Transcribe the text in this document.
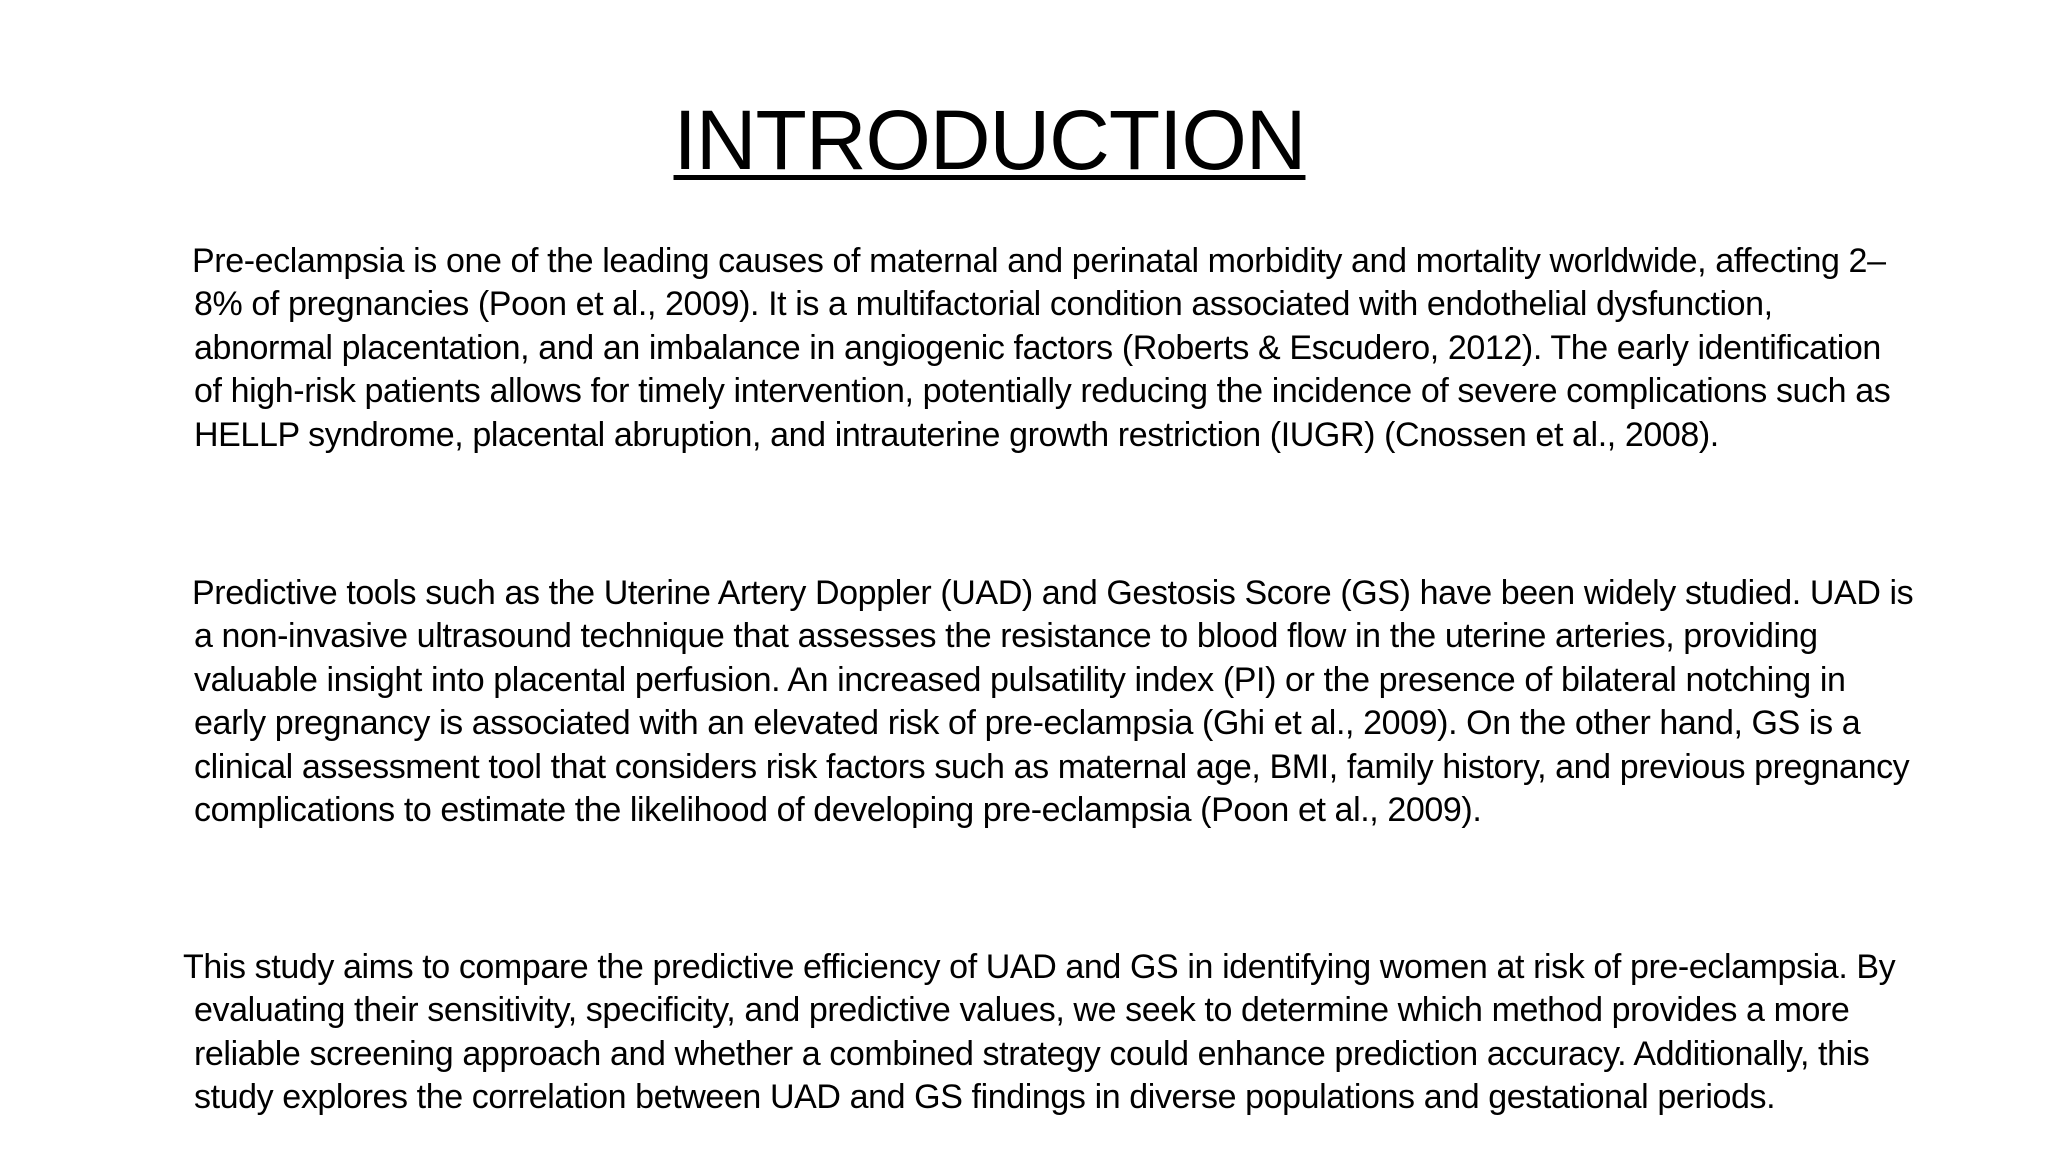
INTRODUCTION

Pre-eclampsia is one of the leading causes of maternal and perinatal morbidity and mortality worldwide, affecting 2–8% of pregnancies (Poon et al., 2009). It is a multifactorial condition associated with endothelial dysfunction, abnormal placentation, and an imbalance in angiogenic factors (Roberts & Escudero, 2012). The early identification of high-risk patients allows for timely intervention, potentially reducing the incidence of severe complications such as HELLP syndrome, placental abruption, and intrauterine growth restriction (IUGR) (Cnossen et al., 2008).

Predictive tools such as the Uterine Artery Doppler (UAD) and Gestosis Score (GS) have been widely studied. UAD is a non-invasive ultrasound technique that assesses the resistance to blood flow in the uterine arteries, providing valuable insight into placental perfusion. An increased pulsatility index (PI) or the presence of bilateral notching in early pregnancy is associated with an elevated risk of pre-eclampsia (Ghi et al., 2009). On the other hand, GS is a clinical assessment tool that considers risk factors such as maternal age, BMI, family history, and previous pregnancy complications to estimate the likelihood of developing pre-eclampsia (Poon et al., 2009).

This study aims to compare the predictive efficiency of UAD and GS in identifying women at risk of pre-eclampsia. By evaluating their sensitivity, specificity, and predictive values, we seek to determine which method provides a more reliable screening approach and whether a combined strategy could enhance prediction accuracy. Additionally, this study explores the correlation between UAD and GS findings in diverse populations and gestational periods.
